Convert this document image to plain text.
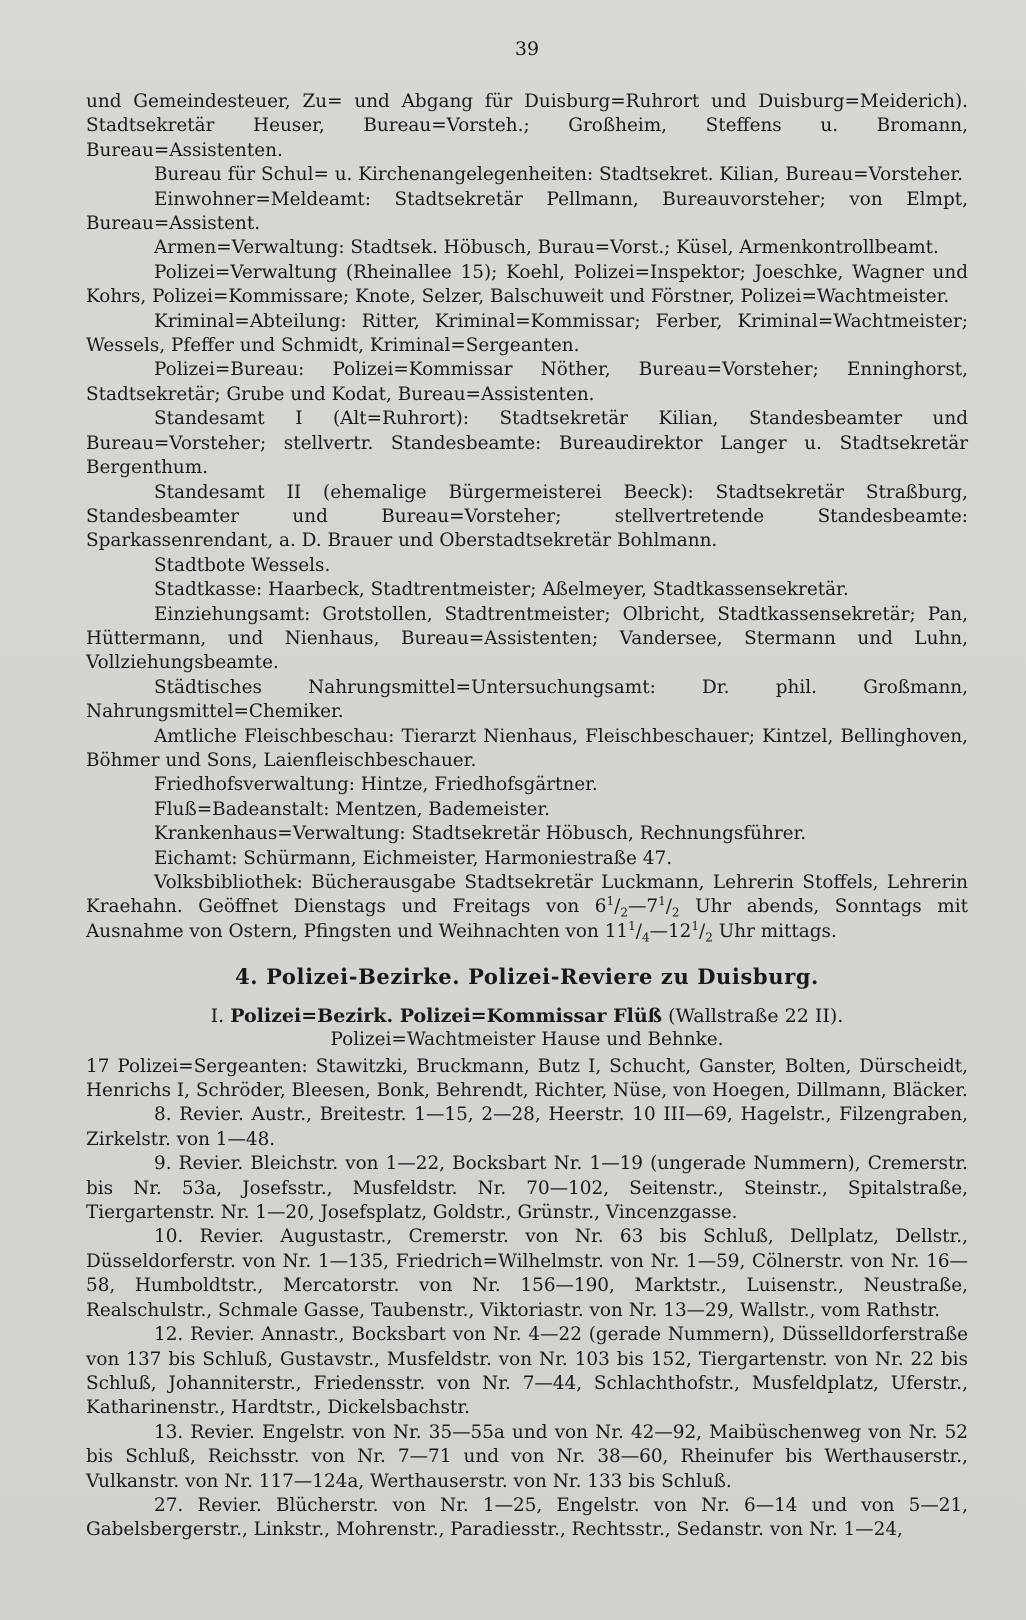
39

und Gemeindesteuer, Zu= und Abgang für Duisburg=Ruhrort und Duisburg=Meiderich). Stadtsekretär Heuser, Bureau=Vorsteh.; Großheim, Steffens u. Bromann, Bureau=Assistenten.

Bureau für Schul= u. Kirchenangelegenheiten: Stadtsekret. Kilian, Bureau=Vorsteher.

Einwohner=Meldeamt: Stadtsekretär Pellmann, Bureauvorsteher; von Elmpt, Bureau=Assistent.

Armen=Verwaltung: Stadtsek. Höbusch, Burau=Vorst.; Küsel, Armenkontrollbeamt.

Polizei=Verwaltung (Rheinallee 15); Koehl, Polizei=Inspektor; Joeschke, Wagner und Kohrs, Polizei=Kommissare; Knote, Selzer, Balschuweit und Förstner, Polizei=Wachtmeister.

Kriminal=Abteilung: Ritter, Kriminal=Kommissar; Ferber, Kriminal=Wachtmeister; Wessels, Pfeffer und Schmidt, Kriminal=Sergeanten.

Polizei=Bureau: Polizei=Kommissar Nöther, Bureau=Vorsteher; Enninghorst, Stadtsekretär; Grube und Kodat, Bureau=Assistenten.

Standesamt I (Alt=Ruhrort): Stadtsekretär Kilian, Standesbeamter und Bureau=Vorsteher; stellvertr. Standesbeamte: Bureaudirektor Langer u. Stadtsekretär Bergenthum.

Standesamt II (ehemalige Bürgermeisterei Beeck): Stadtsekretär Straßburg, Standesbeamter und Bureau=Vorsteher; stellvertretende Standesbeamte: Sparkassenrendant, a. D. Brauer und Oberstadtsekretär Bohlmann.

Stadtbote Wessels.

Stadtkasse: Haarbeck, Stadtrentmeister; Aßelmeyer, Stadtkassensekretär.

Einziehungsamt: Grotstollen, Stadtrentmeister; Olbricht, Stadtkassensekretär; Pan, Hüttermann, und Nienhaus, Bureau=Assistenten; Vandersee, Stermann und Luhn, Vollziehungsbeamte.

Städtisches Nahrungsmittel=Untersuchungsamt: Dr. phil. Großmann, Nahrungsmittel=Chemiker.

Amtliche Fleischbeschau: Tierarzt Nienhaus, Fleischbeschauer; Kintzel, Bellinghoven, Böhmer und Sons, Laienfleischbeschauer.

Friedhofsverwaltung: Hintze, Friedhofsgärtner.

Fluß=Badeanstalt: Mentzen, Bademeister.

Krankenhaus=Verwaltung: Stadtsekretär Höbusch, Rechnungsführer.

Eichamt: Schürmann, Eichmeister, Harmoniestraße 47.

Volksbibliothek: Bücherausgabe Stadtsekretär Luckmann, Lehrerin Stoffels, Lehrerin Kraehahn. Geöffnet Dienstags und Freitags von $6^1/_2—7^1/_2$ Uhr abends, Sonntags mit Ausnahme von Ostern, Pfingsten und Weihnachten von $11^1/_4—12^1/_2$ Uhr mittags.

4. Polizei-Bezirke. Polizei-Reviere zu Duisburg.

I. Polizei=Bezirk. Polizei=Kommissar Flüß (Wallstraße 22 II).

Polizei=Wachtmeister Hause und Behnke.

17 Polizei=Sergeanten: Stawitzki, Bruckmann, Butz I, Schucht, Ganster, Bolten, Dürscheidt, Henrichs I, Schröder, Bleesen, Bonk, Behrendt, Richter, Nüse, von Hoegen, Dillmann, Bläcker.

8. Revier. Austr., Breitestr. 1—15, 2—28, Heerstr. 10 III—69, Hagelstr., Filzengraben, Zirkelstr. von 1—48.

9. Revier. Bleichstr. von 1—22, Bocksbart Nr. 1—19 (ungerade Nummern), Cremerstr. bis Nr. 53a, Josefsstr., Musfeldstr. Nr. 70—102, Seitenstr., Steinstr., Spitalstraße, Tiergartenstr. Nr. 1—20, Josefsplatz, Goldstr., Grünstr., Vincenzgasse.

10. Revier. Augustastr., Cremerstr. von Nr. 63 bis Schluß, Dellplatz, Dellstr., Düsseldorferstr. von Nr. 1—135, Friedrich=Wilhelmstr. von Nr. 1—59, Cölnerstr. von Nr. 16—58, Humboldtstr., Mercatorstr. von Nr. 156—190, Marktstr., Luisenstr., Neustraße, Realschulstr., Schmale Gasse, Taubenstr., Viktoriastr. von Nr. 13—29, Wallstr., vom Rathstr.

12. Revier. Annastr., Bocksbart von Nr. 4—22 (gerade Nummern), Düsselldorferstraße von 137 bis Schluß, Gustavstr., Musfeldstr. von Nr. 103 bis 152, Tiergartenstr. von Nr. 22 bis Schluß, Johanniterstr., Friedensstr. von Nr. 7—44, Schlachthofstr., Musfeldplatz, Uferstr., Katharinenstr., Hardtstr., Dickelsbachstr.

13. Revier. Engelstr. von Nr. 35—55a und von Nr. 42—92, Maibüschenweg von Nr. 52 bis Schluß, Reichsstr. von Nr. 7—71 und von Nr. 38—60, Rheinufer bis Werthauserstr., Vulkanstr. von Nr. 117—124a, Werthauserstr. von Nr. 133 bis Schluß.

27. Revier. Blücherstr. von Nr. 1—25, Engelstr. von Nr. 6—14 und von 5—21, Gabelsbergerstr., Linkstr., Mohrenstr., Paradiesstr., Rechtsstr., Sedanstr. von Nr. 1—24,
